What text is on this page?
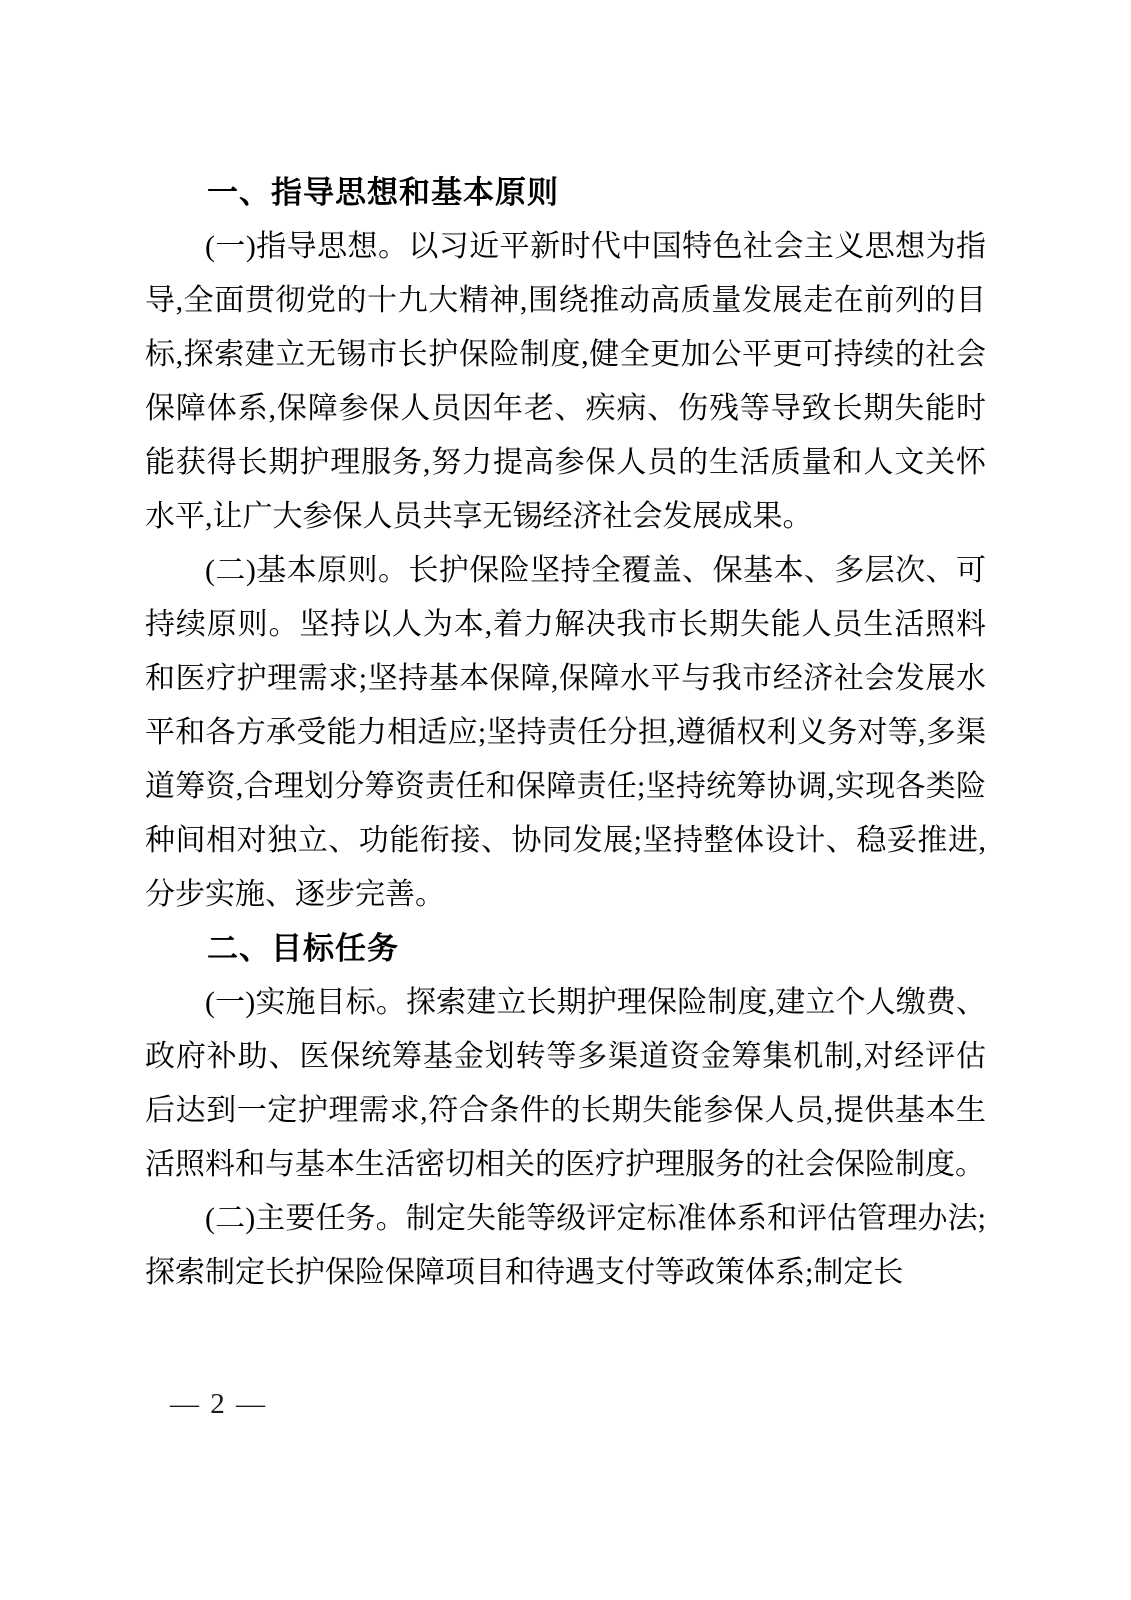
一、指导思想和基本原则

(一)指导思想。以习近平新时代中国特色社会主义思想为指导,全面贯彻党的十九大精神,围绕推动高质量发展走在前列的目标,探索建立无锡市长护保险制度,健全更加公平更可持续的社会保障体系,保障参保人员因年老、疾病、伤残等导致长期失能时能获得长期护理服务,努力提高参保人员的生活质量和人文关怀水平,让广大参保人员共享无锡经济社会发展成果。

(二)基本原则。长护保险坚持全覆盖、保基本、多层次、可持续原则。坚持以人为本,着力解决我市长期失能人员生活照料和医疗护理需求;坚持基本保障,保障水平与我市经济社会发展水平和各方承受能力相适应;坚持责任分担,遵循权利义务对等,多渠道筹资,合理划分筹资责任和保障责任;坚持统筹协调,实现各类险种间相对独立、功能衔接、协同发展;坚持整体设计、稳妥推进,分步实施、逐步完善。

二、目标任务

(一)实施目标。探索建立长期护理保险制度,建立个人缴费、政府补助、医保统筹基金划转等多渠道资金筹集机制,对经评估后达到一定护理需求,符合条件的长期失能参保人员,提供基本生活照料和与基本生活密切相关的医疗护理服务的社会保险制度。

(二)主要任务。制定失能等级评定标准体系和评估管理办法;探索制定长护保险保障项目和待遇支付等政策体系;制定长

— 2 —
